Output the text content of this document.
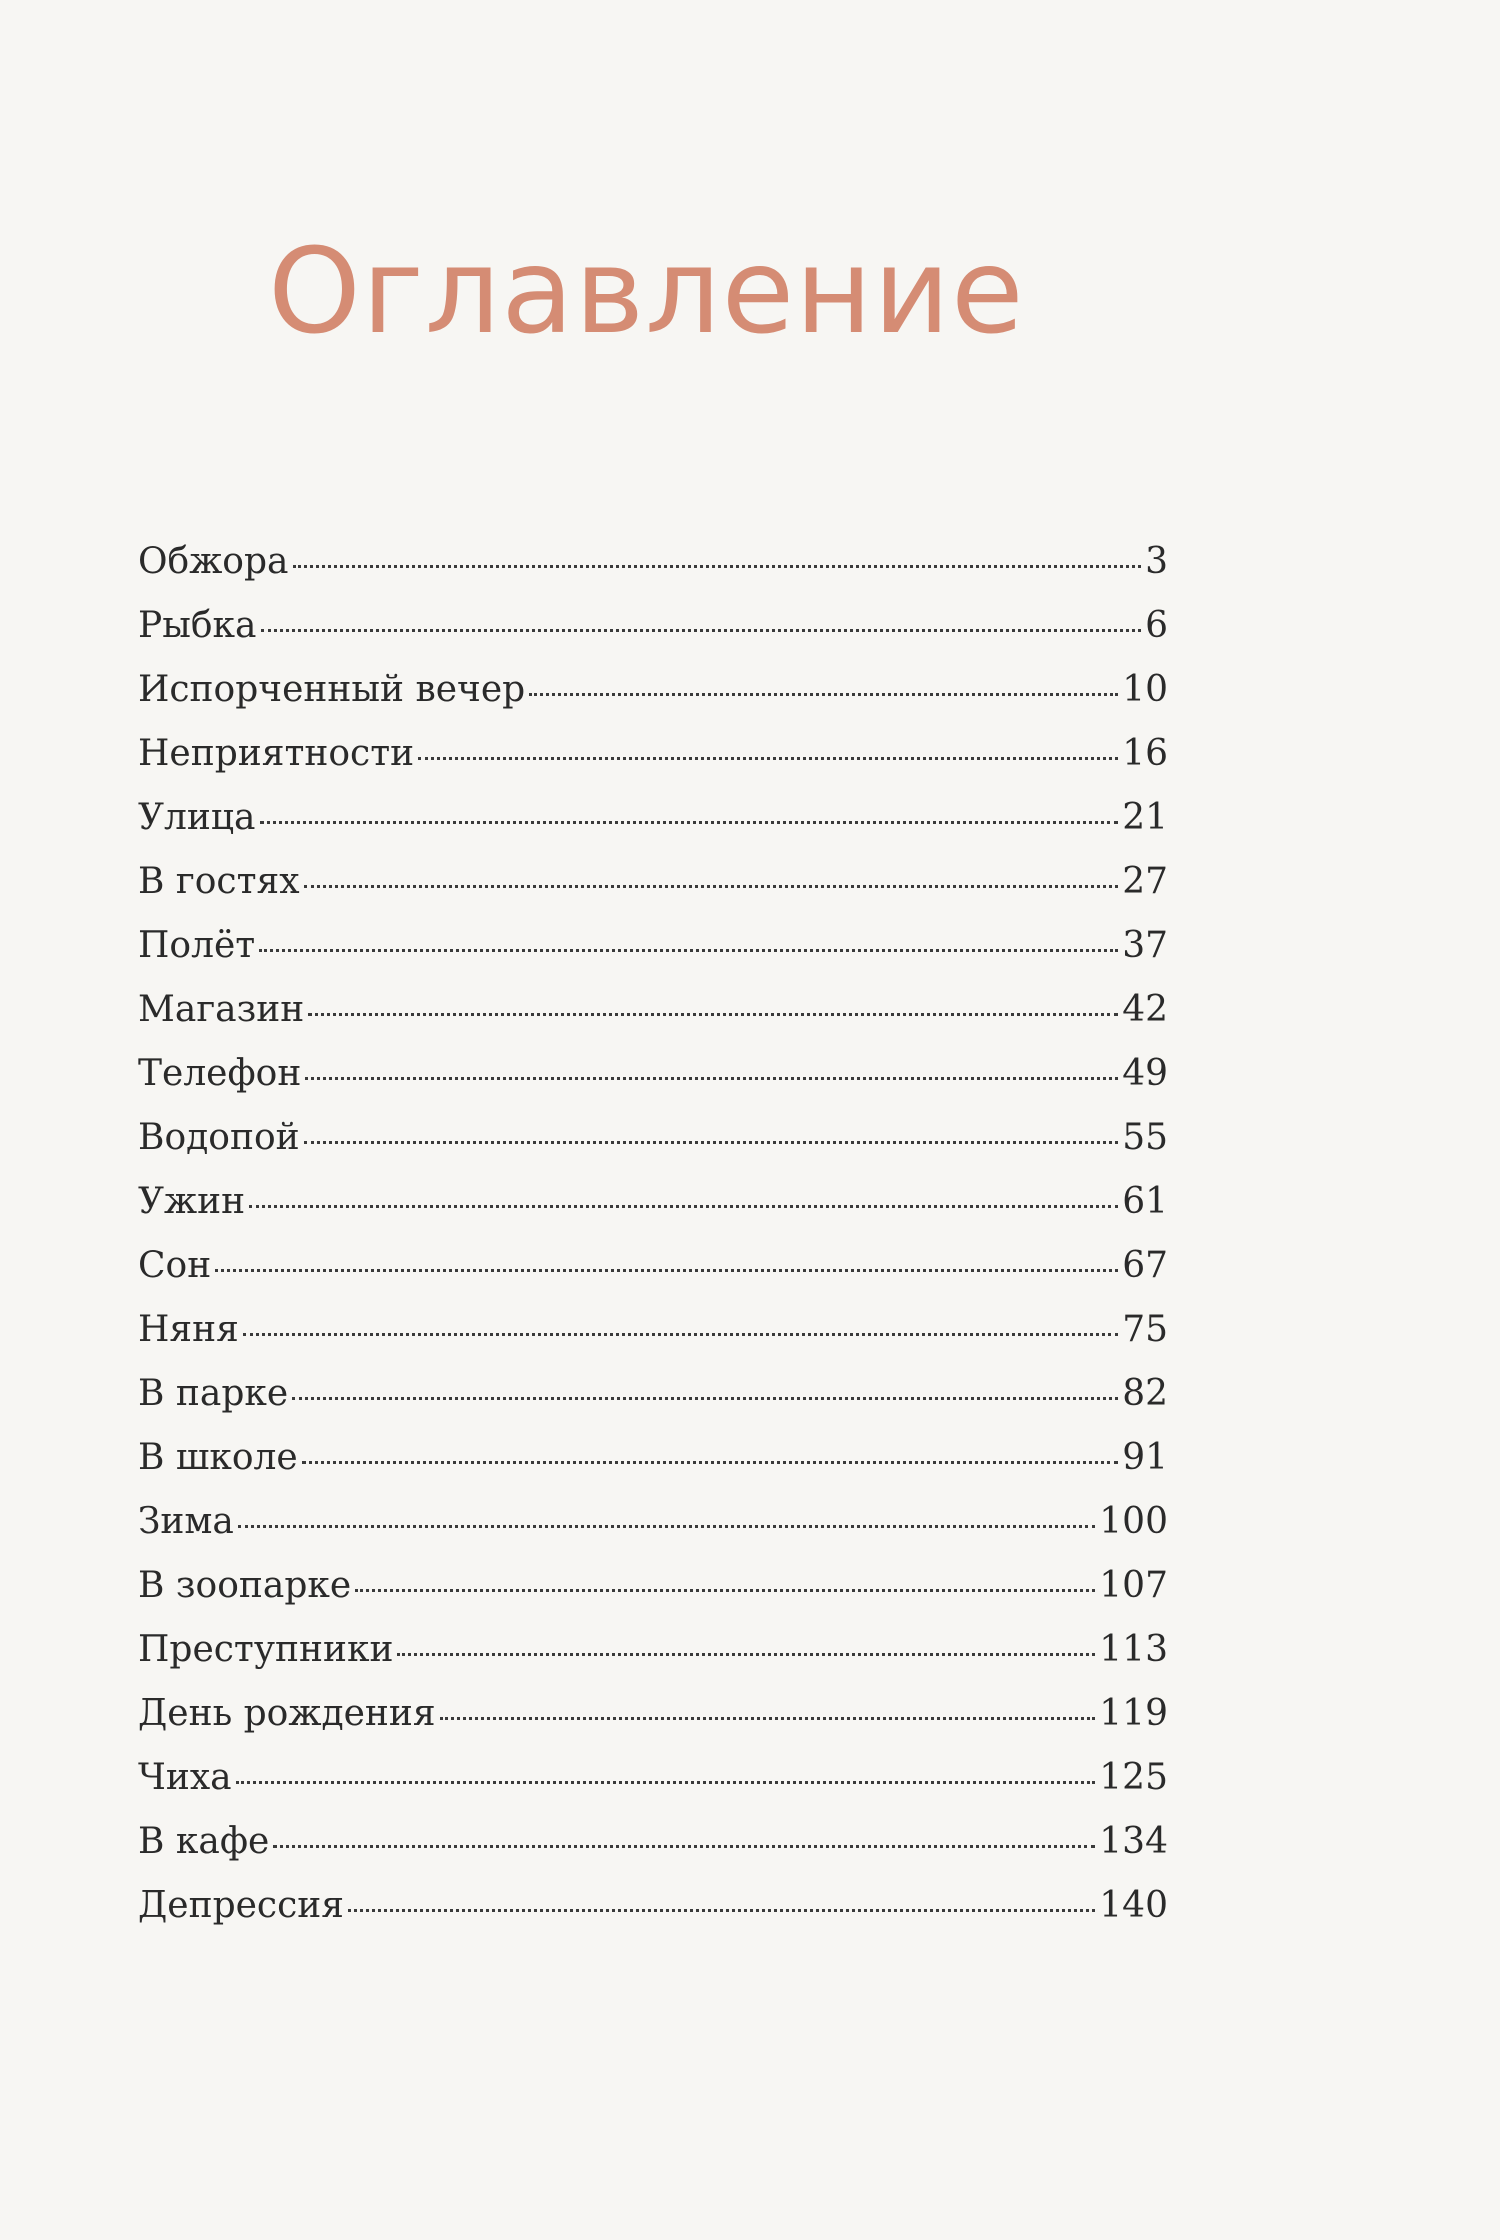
Оглавление
Обжора	3
Рыбка	6
Испорченный вечер	10
Неприятности	16
Улица	21
В гостях	27
Полёт	37
Магазин	42
Телефон	49
Водопой	55
Ужин	61
Сон	67
Няня	75
В парке	82
В школе	91
Зима	100
В зоопарке	107
Преступники	113
День рождения	119
Чиха	125
В кафе	134
Депрессия	140
